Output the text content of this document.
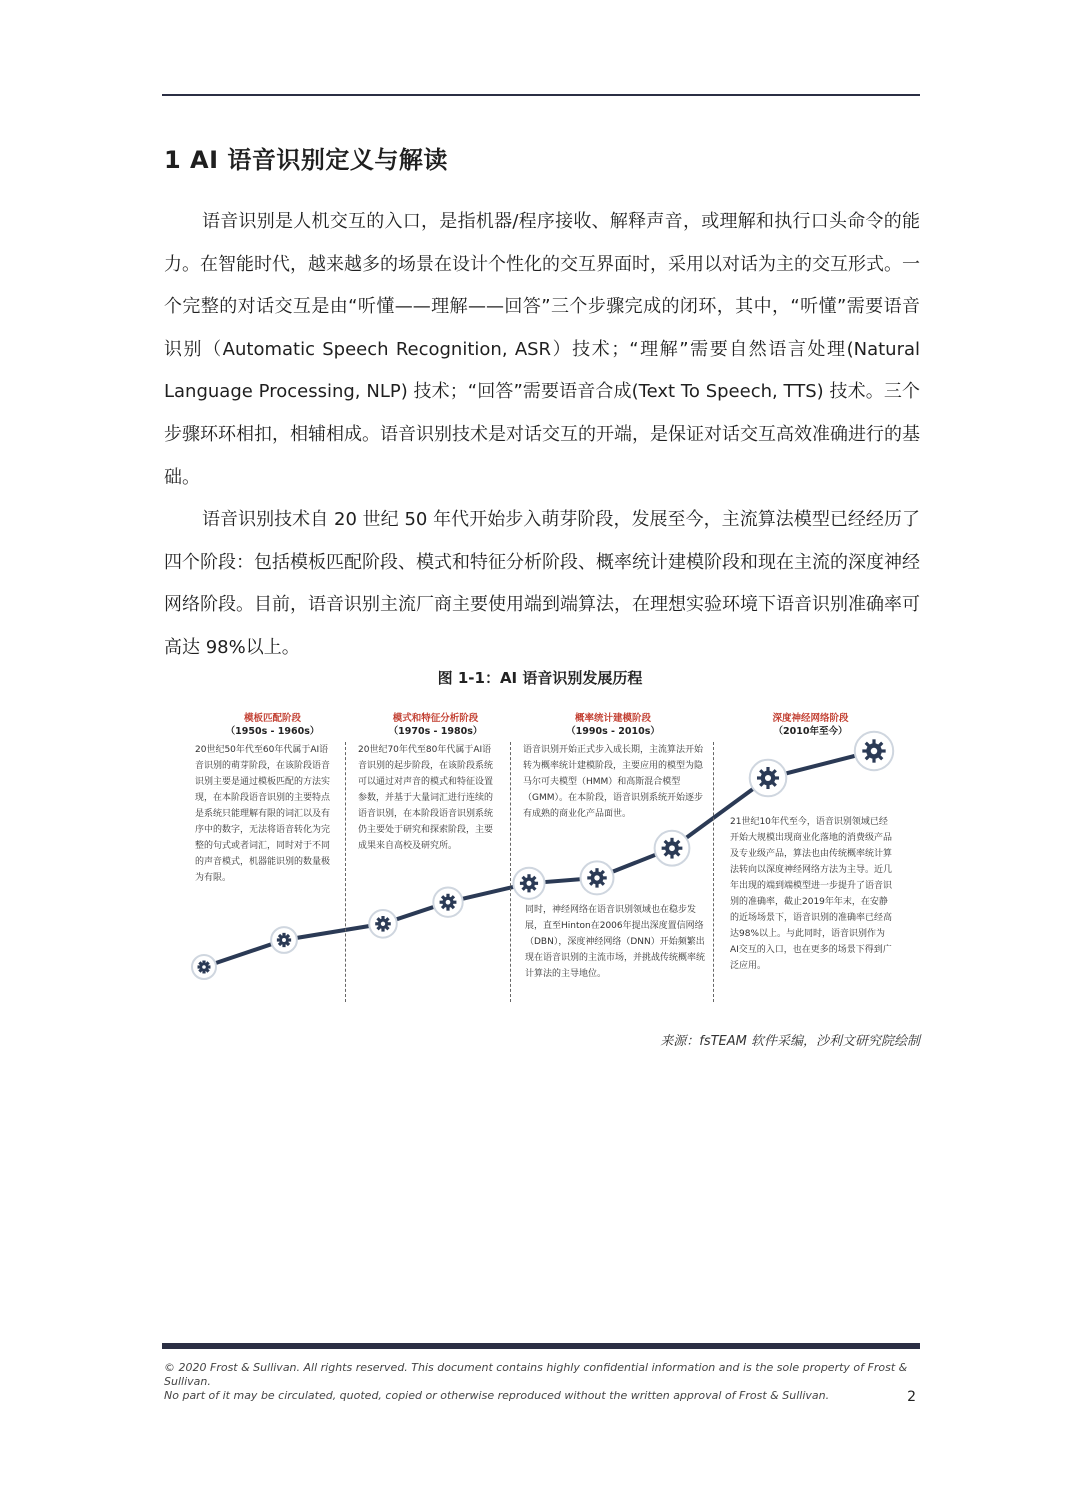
1 AI 语音识别定义与解读

语音识别是人机交互的入口，是指机器/程序接收、解释声音，或理解和执行口头命令的能力。在智能时代，越来越多的场景在设计个性化的交互界面时，采用以对话为主的交互形式。一个完整的对话交互是由“听懂——理解——回答”三个步骤完成的闭环，其中，“听懂”需要语音识别（Automatic Speech Recognition, ASR）技术；“理解”需要自然语言处理(Natural Language Processing, NLP) 技术；“回答”需要语音合成(Text To Speech, TTS) 技术。三个步骤环环相扣，相辅相成。语音识别技术是对话交互的开端，是保证对话交互高效准确进行的基础。

语音识别技术自 20 世纪 50 年代开始步入萌芽阶段，发展至今，主流算法模型已经经历了四个阶段：包括模板匹配阶段、模式和特征分析阶段、概率统计建模阶段和现在主流的深度神经网络阶段。目前，语音识别主流厂商主要使用端到端算法，在理想实验环境下语音识别准确率可高达 98%以上。

图 1-1：AI 语音识别发展历程
模板匹配阶段
（1950s - 1960s）

20世纪50年代至60年代属于AI语音识别的萌芽阶段，在该阶段语音识别主要是通过模板匹配的方法实现，在本阶段语音识别的主要特点是系统只能理解有限的词汇以及有序中的数字，无法将语音转化为完整的句式或者词汇，同时对于不同的声音模式，机器能识别的数量极为有限。

模式和特征分析阶段
（1970s - 1980s）

20世纪70年代至80年代属于AI语音识别的起步阶段，在该阶段系统可以通过对声音的模式和特征设置参数，并基于大量词汇进行连续的语音识别，在本阶段语音识别系统仍主要处于研究和探索阶段，主要成果来自高校及研究所。

概率统计建模阶段
（1990s - 2010s）

语音识别开始正式步入成长期，主流算法开始转为概率统计建模阶段，主要应用的模型为隐马尔可夫模型（HMM）和高斯混合模型（GMM）。在本阶段，语音识别系统开始逐步有成熟的商业化产品面世。

同时，神经网络在语音识别领域也在稳步发展，直至Hinton在2006年提出深度置信网络（DBN），深度神经网络（DNN）开始频繁出现在语音识别的主流市场，并挑战传统概率统计算法的主导地位。
深度神经网络阶段
（2010年至今）
21世纪10年代至今，语音识别领域已经开始大规模出现商业化落地的消费级产品及专业级产品，算法也由传统概率统计算法转向以深度神经网络方法为主导。近几年出现的端到端模型进一步提升了语音识别的准确率，截止2019年年末，在安静的近场场景下，语音识别的准确率已经高达98%以上。与此同时，语音识别作为AI交互的入口，也在更多的场景下得到广泛应用。
来源：fsTEAM 软件采编，沙利文研究院绘制
© 2020 Frost & Sullivan. All rights reserved. This document contains highly confidential information and is the sole property of Frost & Sullivan.
No part of it may be circulated, quoted, copied or otherwise reproduced without the written approval of Frost & Sullivan.	2
